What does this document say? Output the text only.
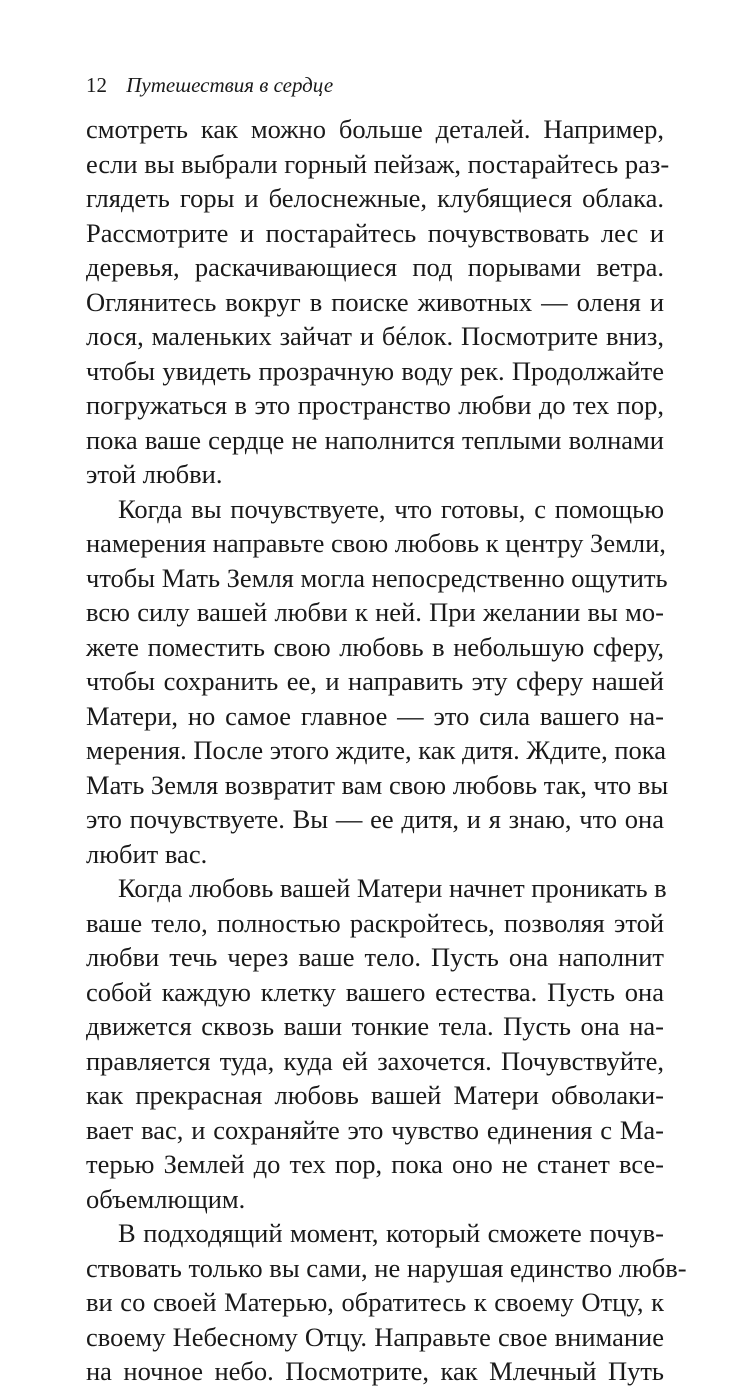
12 Путешествия в сердце
смотреть как можно больше деталей. Например,
если вы выбрали горный пейзаж, постарайтесь раз-
глядеть горы и белоснежные, клубящиеся облака.
Рассмотрите и постарайтесь почувствовать лес и
деревья, раскачивающиеся под порывами ветра.
Оглянитесь вокруг в поиске животных — оленя и
лося, маленьких зайчат и бéлок. Посмотрите вниз,
чтобы увидеть прозрачную воду рек. Продолжайте
погружаться в это пространство любви до тех пор,
пока ваше сердце не наполнится теплыми волнами
этой любви.
Когда вы почувствуете, что готовы, с помощью
намерения направьте свою любовь к центру Земли,
чтобы Мать Земля могла непосредственно ощутить
всю силу вашей любви к ней. При желании вы мо-
жете поместить свою любовь в небольшую сферу,
чтобы сохранить ее, и направить эту сферу нашей
Матери, но самое главное — это сила вашего на-
мерения. После этого ждите, как дитя. Ждите, пока
Мать Земля возвратит вам свою любовь так, что вы
это почувствуете. Вы — ее дитя, и я знаю, что она
любит вас.
Когда любовь вашей Матери начнет проникать в
ваше тело, полностью раскройтесь, позволяя этой
любви течь через ваше тело. Пусть она наполнит
собой каждую клетку вашего естества. Пусть она
движется сквозь ваши тонкие тела. Пусть она на-
правляется туда, куда ей захочется. Почувствуйте,
как прекрасная любовь вашей Матери обволаки-
вает вас, и сохраняйте это чувство единения с Ма-
терью Землей до тех пор, пока оно не станет все-
объемлющим.
В подходящий момент, который сможете почув-
ствовать только вы сами, не нарушая единство любв-
ви со своей Матерью, обратитесь к своему Отцу, к
своему Небесному Отцу. Направьте свое внимание
на ночное небо. Посмотрите, как Млечный Путь
